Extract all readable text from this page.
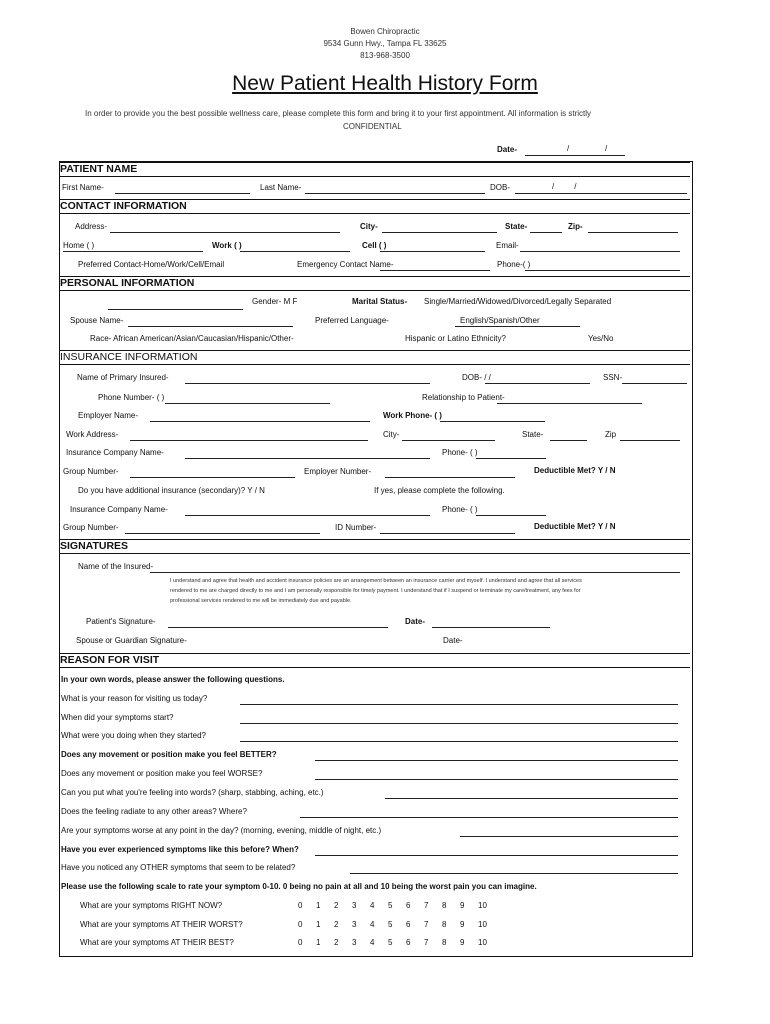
Bowen Chiropractic
9534 Gunn Hwy., Tampa FL 33625
813-968-3500
New Patient Health History Form
In order to provide you the best possible wellness care, please complete this form and bring it to your first appointment. All information is strictly
CONFIDENTIAL
Date-	/	/
PATIENT NAME
First Name-	Last Name-	DOB-	/         /
CONTACT INFORMATION
Address-	City-	State-	Zip-
Home ( )	Work ( )	Cell ( )	Email-
Preferred Contact-Home/Work/Cell/Email	Emergency Contact Name-	Phone-( )
PERSONAL INFORMATION
Gender- M F	Marital Status- Single/Married/Widowed/Divorced/Legally Separated
Spouse Name-	Preferred Language-	English/Spanish/Other
Race- African American/Asian/Caucasian/Hispanic/Other-	Hispanic or Latino Ethnicity?	Yes/No
INSURANCE INFORMATION
Name of Primary Insured-	DOB- / /	SSN-
Phone Number- ( )	Relationship to Patient-
Employer Name-	Work Phone- ( )
Work Address-	City-	State-	Zip
Insurance Company Name-	Phone- ( )
Group Number-	Employer Number-	Deductible Met? Y / N
Do you have additional insurance (secondary)? Y / N	If yes, please complete the following.
Insurance Company Name-	Phone- ( )
Group Number-	ID Number-	Deductible Met? Y / N
SIGNATURES
Name of the Insured-
I understand and agree that health and accident insurance policies are an arrangement between an insurance carrier and myself. I understand and agree that all services
rendered to me are charged directly to me and I am personally responsible for timely payment. I understand that if I suspend or terminate my care/treatment, any fees for
professional services rendered to me will be immediately due and payable.
Patient's Signature-	Date-
Spouse or Guardian Signature-	Date-
REASON FOR VISIT
In your own words, please answer the following questions.
What is your reason for visiting us today?
When did your symptoms start?
What were you doing when they started?
Does any movement or position make you feel BETTER?
Does any movement or position make you feel WORSE?
Can you put what you're feeling into words? (sharp, stabbing, aching, etc.)
Does the feeling radiate to any other areas? Where?
Are your symptoms worse at any point in the day? (morning, evening, middle of night, etc.)
Have you ever experienced symptoms like this before? When?
Have you noticed any OTHER symptoms that seem to be related?
Please use the following scale to rate your symptom 0-10. 0 being no pain at all and 10 being the worst pain you can imagine.
What are your symptoms RIGHT NOW?	0 1 2 3 4 5 6 7 8 9 10
What are your symptoms AT THEIR WORST?	0 1 2 3 4 5 6 7 8 9 10
What are your symptoms AT THEIR BEST?	0 1 2 3 4 5 6 7 8 9 10
